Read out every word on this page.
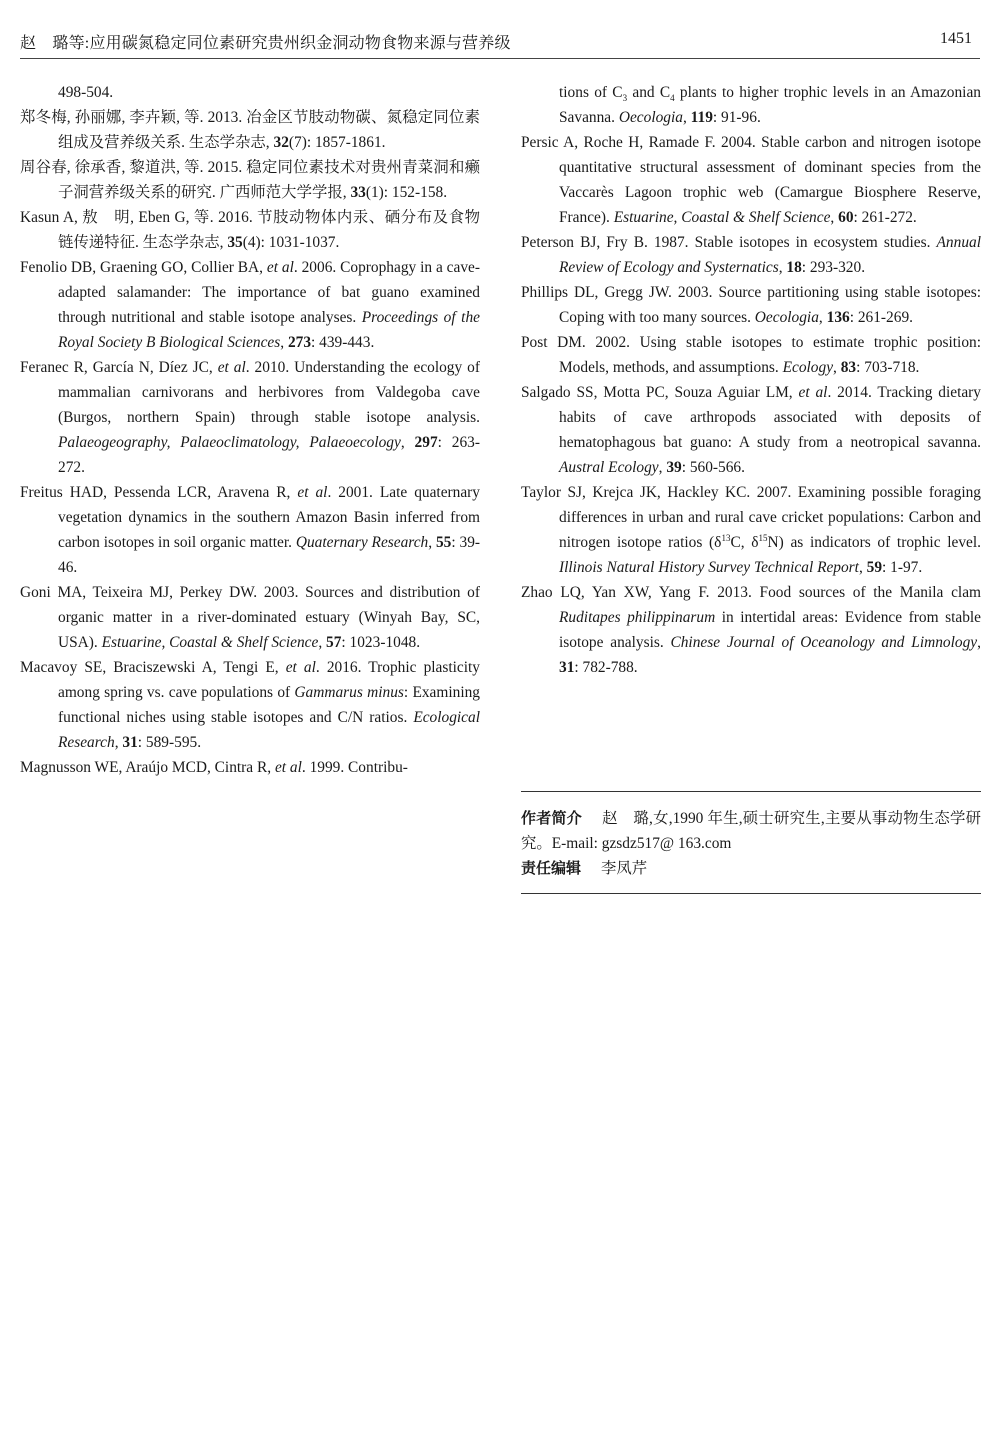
赵　璐等:应用碳氮稳定同位素研究贵州织金洞动物食物来源与营养级	1451
498-504.
郑冬梅, 孙丽娜, 李卉颖, 等. 2013. 冶金区节肢动物碳、氮稳定同位素组成及营养级关系. 生态学杂志, 32(7): 1857-1861.
周谷春, 徐承香, 黎道洪, 等. 2015. 稳定同位素技术对贵州青菜洞和癞子洞营养级关系的研究. 广西师范大学学报, 33(1): 152-158.
Kasun A, 敖　明, Eben G, 等. 2016. 节肢动物体内汞、硒分布及食物链传递特征. 生态学杂志, 35(4): 1031-1037.
Fenolio DB, Graening GO, Collier BA, et al. 2006. Coprophagy in a cave-adapted salamander: The importance of bat guano examined through nutritional and stable isotope analyses. Proceedings of the Royal Society B Biological Sciences, 273: 439-443.
Feranec R, García N, Díez JC, et al. 2010. Understanding the ecology of mammalian carnivorans and herbivores from Valdegoba cave (Burgos, northern Spain) through stable isotope analysis. Palaeogeography, Palaeoclimatology, Palaeoecology, 297: 263-272.
Freitus HAD, Pessenda LCR, Aravena R, et al. 2001. Late quaternary vegetation dynamics in the southern Amazon Basin inferred from carbon isotopes in soil organic matter. Quaternary Research, 55: 39-46.
Goni MA, Teixeira MJ, Perkey DW. 2003. Sources and distribution of organic matter in a river-dominated estuary (Winyah Bay, SC, USA). Estuarine, Coastal & Shelf Science, 57: 1023-1048.
Macavoy SE, Braciszewski A, Tengi E, et al. 2016. Trophic plasticity among spring vs. cave populations of Gammarus minus: Examining functional niches using stable isotopes and C/N ratios. Ecological Research, 31: 589-595.
Magnusson WE, Araújo MCD, Cintra R, et al. 1999. Contribu-
tions of $C_3$ and $C_4$ plants to higher trophic levels in an Amazonian Savanna. Oecologia, 119: 91-96.
Persic A, Roche H, Ramade F. 2004. Stable carbon and nitrogen isotope quantitative structural assessment of dominant species from the Vaccarès Lagoon trophic web (Camargue Biosphere Reserve, France). Estuarine, Coastal & Shelf Science, 60: 261-272.
Peterson BJ, Fry B. 1987. Stable isotopes in ecosystem studies. Annual Review of Ecology and Systernatics, 18: 293-320.
Phillips DL, Gregg JW. 2003. Source partitioning using stable isotopes: Coping with too many sources. Oecologia, 136: 261-269.
Post DM. 2002. Using stable isotopes to estimate trophic position: Models, methods, and assumptions. Ecology, 83: 703-718.
Salgado SS, Motta PC, Souza Aguiar LM, et al. 2014. Tracking dietary habits of cave arthropods associated with deposits of hematophagous bat guano: A study from a neotropical savanna. Austral Ecology, 39: 560-566.
Taylor SJ, Krejca JK, Hackley KC. 2007. Examining possible foraging differences in urban and rural cave cricket populations: Carbon and nitrogen isotope ratios ($\delta^{13}C$, $\delta^{15}N$) as indicators of trophic level. Illinois Natural History Survey Technical Report, 59: 1-97.
Zhao LQ, Yan XW, Yang F. 2013. Food sources of the Manila clam Ruditapes philippinarum in intertidal areas: Evidence from stable isotope analysis. Chinese Journal of Oceanology and Limnology, 31: 782-788.
作者简介 赵　璐,女,1990 年生,硕士研究生,主要从事动物生态学研究。E-mail: gzsdz517@ 163.com
责任编辑 李凤芹
